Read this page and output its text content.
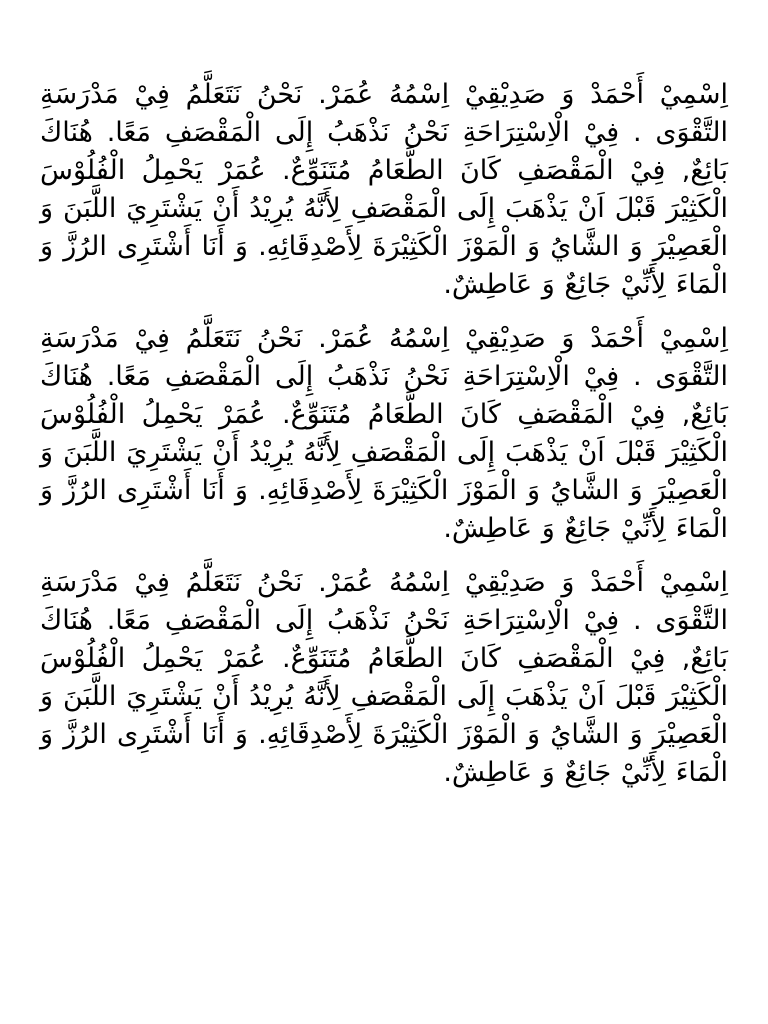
اِسْمِيْ أَحْمَدْ وَ صَدِيْقِيْ اِسْمُهُ عُمَرْ. نَحْنُ نَتَعَلَّمُ فِيْ مَدْرَسَةِ التَّقْوَى . فِيْ الْاِسْتِرَاحَةِ نَحْنُ نَذْهَبُ إِلَى الْمَقْصَفِ مَعًا. هُنَاكَ بَائِعٌ, فِيْ الْمَقْصَفِ كَانَ الطَّعَامُ مُتَنَوِّعٌ. عُمَرْ يَحْمِلُ الْفُلُوْسَ الْكَثِيْرَ قَبْلَ اَنْ يَذْهَبَ إِلَى الْمَقْصَفِ لِأَنَّهُ يُرِيْدُ أَنْ يَشْتَرِيَ اللَّبَنَ وَ الْعَصِيْرَ وَ الشَّايُ وَ الْمَوْزَ الْكَثِيْرَةَ لِأَصْدِقَائِهِ. وَ أَنَا أَشْتَرِى الرُزَّ وَ الْمَاءَ لِأَنِّيْ جَائِعٌ وَ عَاطِشٌ.

اِسْمِيْ أَحْمَدْ وَ صَدِيْقِيْ اِسْمُهُ عُمَرْ. نَحْنُ نَتَعَلَّمُ فِيْ مَدْرَسَةِ التَّقْوَى . فِيْ الْاِسْتِرَاحَةِ نَحْنُ نَذْهَبُ إِلَى الْمَقْصَفِ مَعًا. هُنَاكَ بَائِعٌ, فِيْ الْمَقْصَفِ كَانَ الطَّعَامُ مُتَنَوِّعٌ. عُمَرْ يَحْمِلُ الْفُلُوْسَ الْكَثِيْرَ قَبْلَ اَنْ يَذْهَبَ إِلَى الْمَقْصَفِ لِأَنَّهُ يُرِيْدُ أَنْ يَشْتَرِيَ اللَّبَنَ وَ الْعَصِيْرَ وَ الشَّايُ وَ الْمَوْزَ الْكَثِيْرَةَ لِأَصْدِقَائِهِ. وَ أَنَا أَشْتَرِى الرُزَّ وَ الْمَاءَ لِأَنِّيْ جَائِعٌ وَ عَاطِشٌ.

اِسْمِيْ أَحْمَدْ وَ صَدِيْقِيْ اِسْمُهُ عُمَرْ. نَحْنُ نَتَعَلَّمُ فِيْ مَدْرَسَةِ التَّقْوَى . فِيْ الْاِسْتِرَاحَةِ نَحْنُ نَذْهَبُ إِلَى الْمَقْصَفِ مَعًا. هُنَاكَ بَائِعٌ, فِيْ الْمَقْصَفِ كَانَ الطَّعَامُ مُتَنَوِّعٌ. عُمَرْ يَحْمِلُ الْفُلُوْسَ الْكَثِيْرَ قَبْلَ اَنْ يَذْهَبَ إِلَى الْمَقْصَفِ لِأَنَّهُ يُرِيْدُ أَنْ يَشْتَرِيَ اللَّبَنَ وَ الْعَصِيْرَ وَ الشَّايُ وَ الْمَوْزَ الْكَثِيْرَةَ لِأَصْدِقَائِهِ. وَ أَنَا أَشْتَرِى الرُزَّ وَ الْمَاءَ لِأَنِّيْ جَائِعٌ وَ عَاطِشٌ.
